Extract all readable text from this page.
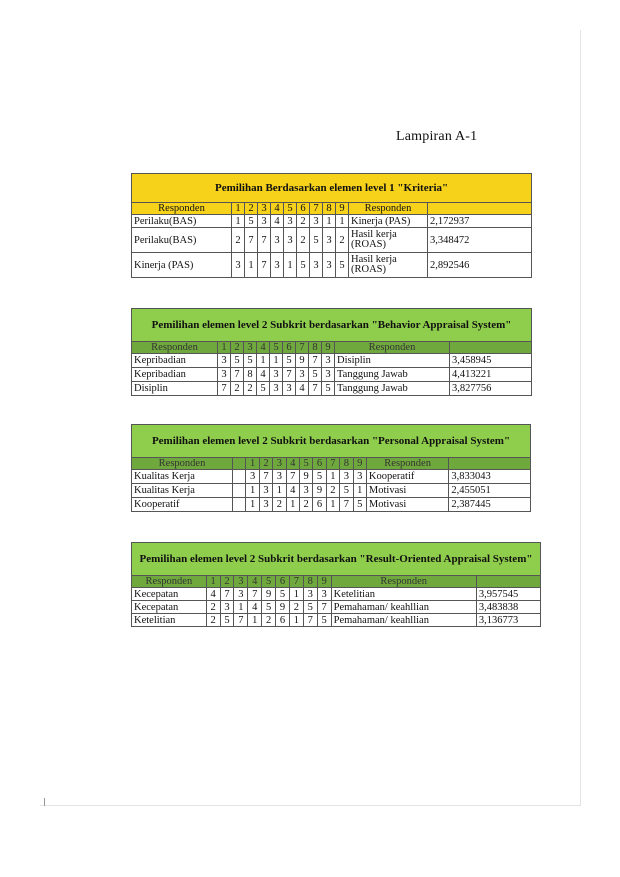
Lampiran A-1
Pemilihan Berdasarkan elemen level 1 "Kriteria"											
Responden	1	2	3	4	5	6	7	8	9	Responden	
Perilaku(BAS)	1	5	3	4	3	2	3	1	1	Kinerja (PAS)	2,172937
Perilaku(BAS)	2	7	7	3	3	2	5	3	2	Hasil kerja (ROAS)	3,348472
Kinerja (PAS)	3	1	7	3	1	5	3	3	5	Hasil kerja (ROAS)	2,892546
Pemilihan elemen level 2 Subkrit berdasarkan "Behavior Appraisal System"											
Responden	1	2	3	4	5	6	7	8	9	Responden	
Kepribadian	3	5	5	1	1	5	9	7	3	Disiplin	3,458945
Kepribadian	3	7	8	4	3	7	3	5	3	Tanggung Jawab	4,413221
Disiplin	7	2	2	5	3	3	4	7	5	Tanggung Jawab	3,827756
Pemilihan elemen level 2 Subkrit berdasarkan "Personal Appraisal System"												
Responden		1	2	3	4	5	6	7	8	9	Responden	
Kualitas Kerja		3	7	3	7	9	5	1	3	3	Kooperatif	3,833043
Kualitas Kerja		1	3	1	4	3	9	2	5	1	Motivasi	2,455051
Kooperatif		1	3	2	1	2	6	1	7	5	Motivasi	2,387445
Pemilihan elemen level 2 Subkrit berdasarkan "Result-Oriented Appraisal System"											
Responden	1	2	3	4	5	6	7	8	9	Responden	
Kecepatan	4	7	3	7	9	5	1	3	3	Ketelitian	3,957545
Kecepatan	2	3	1	4	5	9	2	5	7	Pemahaman/ keahllian	3,483838
Ketelitian	2	5	7	1	2	6	1	7	5	Pemahaman/ keahllian	3,136773
